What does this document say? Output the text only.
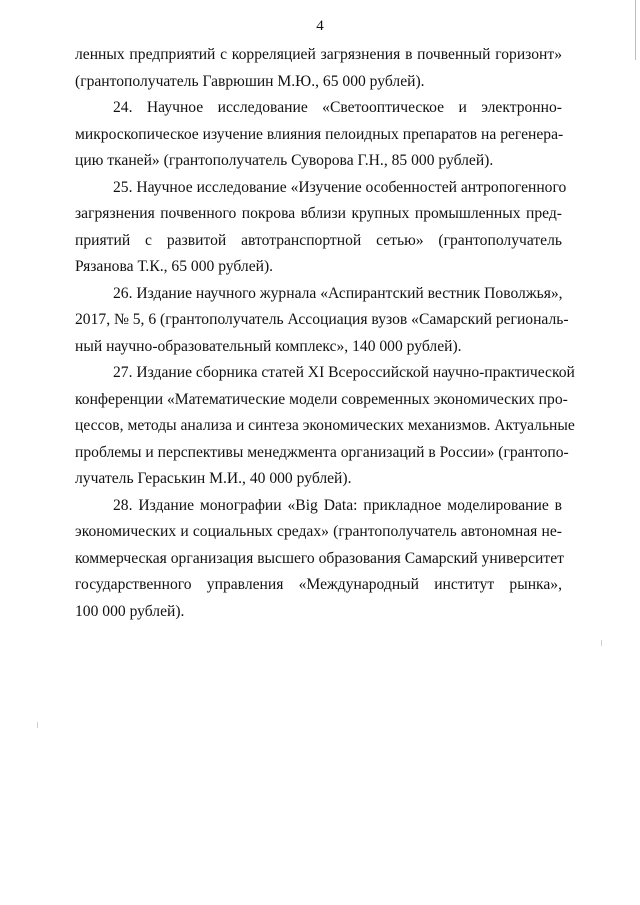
4
ленных предприятий с корреляцией загрязнения в почвенный горизонт»
(грантополучатель Гаврюшин М.Ю., 65 000 рублей).
24. Научное исследование «Светооптическое и электронно-
микроскопическое изучение влияния пелоидных препаратов на регенера-
цию тканей» (грантополучатель Суворова Г.Н., 85 000 рублей).
25. Научное исследование «Изучение особенностей антропогенного
загрязнения почвенного покрова вблизи крупных промышленных пред-
приятий с развитой автотранспортной сетью» (грантополучатель
Рязанова Т.К., 65 000 рублей).
26. Издание научного журнала «Аспирантский вестник Поволжья»,
2017, № 5, 6 (грантополучатель Ассоциация вузов «Самарский региональ-
ный научно-образовательный комплекс», 140 000 рублей).
27. Издание сборника статей XI Всероссийской научно-практической
конференции «Математические модели современных экономических про-
цессов, методы анализа и синтеза экономических механизмов. Актуальные
проблемы и перспективы менеджмента организаций в России» (грантопо-
лучатель Гераськин М.И., 40 000 рублей).
28. Издание монографии «Big Data: прикладное моделирование в
экономических и социальных средах» (грантополучатель автономная не-
коммерческая организация высшего образования Самарский университет
государственного управления «Международный институт рынка»,
100 000 рублей).
